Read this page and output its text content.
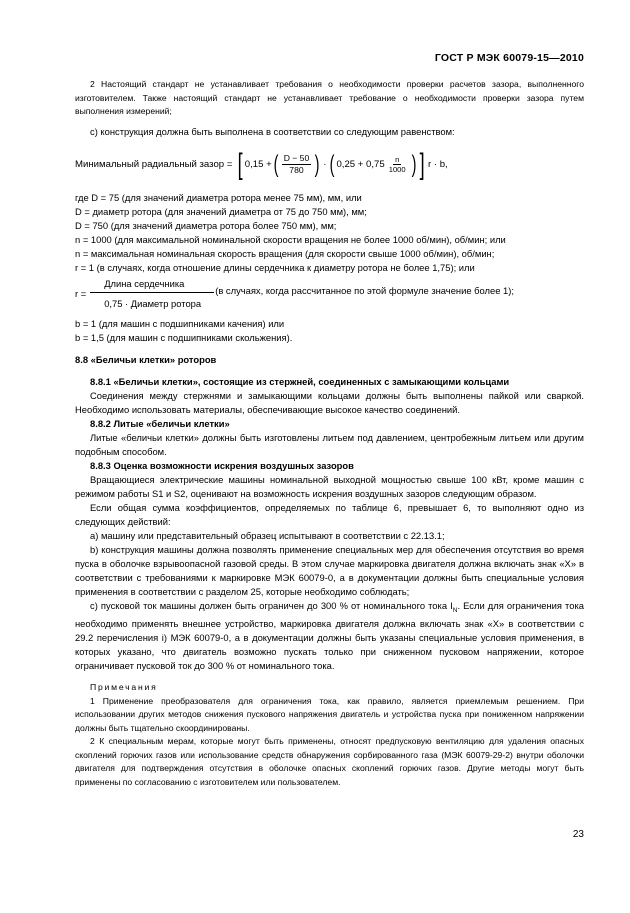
ГОСТ Р МЭК 60079-15—2010

2 Настоящий стандарт не устанавливает требования о необходимости проверки расчетов зазора, выполненного изготовителем. Также настоящий стандарт не устанавливает требование о необходимости проверки зазора путем выполнения измерений;

с) конструкция должна быть выполнена в соответствии со следующим равенством:

Минимальный радиальный зазор = [ 0,15 + ( $\frac{D - 50}{780}$ ) · ( $0,25 + 0,75 \frac{n}{1000}$ ) ] r · b,

где D = 75 (для значений диаметра ротора менее 75 мм), мм, или

D = диаметр ротора (для значений диаметра от 75 до 750 мм), мм;

D = 750 (для значений диаметра ротора более 750 мм), мм;

n = 1000 (для максимальной номинальной скорости вращения не более 1000 об/мин), об/мин; или

n = максимальная номинальная скорость вращения (для скорости свыше 1000 об/мин), об/мин;

r = 1 (в случаях, когда отношение длины сердечника к диаметру ротора не более 1,75); или

$r = \frac{\text{Длина сердечника}}{\text{0,75 · Диаметр ротора}} (в$ случаях, когда рассчитанное по этой формуле значение более 1);

b = 1 (для машин с подшипниками качения) или

b = 1,5 (для машин с подшипниками скольжения).

8.8 «Беличьи клетки» роторов

8.8.1 «Беличьи клетки», состоящие из стержней, соединенных с замыкающими кольцами

Соединения между стержнями и замыкающими кольцами должны быть выполнены пайкой или сваркой. Необходимо использовать материалы, обеспечивающие высокое качество соединений.

8.8.2 Литые «беличьи клетки»

Литые «беличьи клетки» должны быть изготовлены литьем под давлением, центробежным литьем или другим подобным способом.

8.8.3 Оценка возможности искрения воздушных зазоров

Вращающиеся электрические машины номинальной выходной мощностью свыше 100 кВт, кроме машин с режимом работы S1 и S2, оценивают на возможность искрения воздушных зазоров следующим образом.

Если общая сумма коэффициентов, определяемых по таблице 6, превышает 6, то выполняют одно из следующих действий:

а) машину или представительный образец испытывают в соответствии с 22.13.1;

b) конструкция машины должна позволять применение специальных мер для обеспечения отсутствия во время пуска в оболочке взрывоопасной газовой среды. В этом случае маркировка двигателя должна включать знак «X» в соответствии с требованиями к маркировке МЭК 60079-0, а в документации должны быть специальные условия применения в соответствии с разделом 25, которые необходимо соблюдать;

с) пусковой ток машины должен быть ограничен до 300 % от номинального тока $I_N$. Если для ограничения тока необходимо применять внешнее устройство, маркировка двигателя должна включать знак «X» в соответствии с 29.2 перечисления i) МЭК 60079-0, а в документации должны быть указаны специальные условия применения, в которых указано, что двигатель возможно пускать только при сниженном пусковом напряжении, которое ограничивает пусковой ток до 300 % от номинального тока.

Примечания

1 Применение преобразователя для ограничения тока, как правило, является приемлемым решением. При использовании других методов снижения пускового напряжения двигатель и устройства пуска при пониженном напряжении должны быть тщательно скоординированы.

2 К специальным мерам, которые могут быть применены, относят предпусковую вентиляцию для удаления опасных скоплений горючих газов или использование средств обнаружения сорбированного газа (МЭК 60079-29-2) внутри оболочки двигателя для подтверждения отсутствия в оболочке опасных скоплений горючих газов. Другие методы могут быть применены по согласованию с изготовителем или пользователем.

23
